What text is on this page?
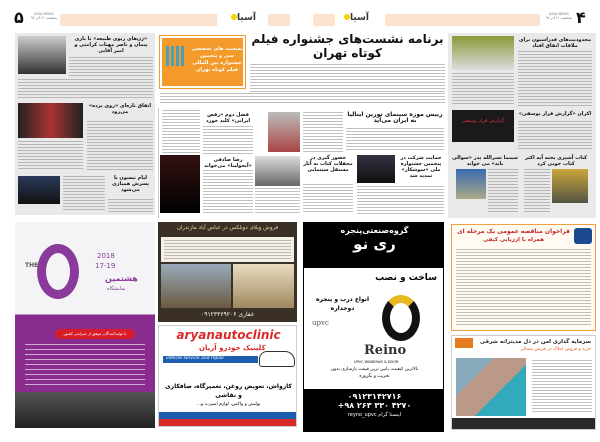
آسیا	آسیا
۵	ASIA NEWS
پنجشنبه ۲۱ آذر ۹۷	۴
ASIA NEWS
پنجشنبه ۲۱ آذر ۹۷
«ژن‌های ریوی طبیعه» با بازی پیمان و ناصر مهتاب کرامتی و امیر آقایی
اتفاق تازه‌ای «روی پرده» می‌رود
لیام نیسون با پسرش همبازی می‌شود
نشست های تخصصی سی و پنجمین جشنواره بین المللی فیلم کوتاه تهران
برنامه نشست‌های جشنواره فیلم کوتاه تهران
فصل دوم «رقص ایرانی» کلید خورد
رضا صادقی «آنجولینا» می‌خواند
رییس موزه سینمای تورین ایتالیا به ایران می‌آید
حضور گیری در محفلات کتاب به آثار مستقل سینمایی
حمایت شرکت در پنجمین جشنواره ملی «سوشکار» تمدید شد
محدودیت‌های فدراسیون برای ملاقات اتفاق افتاد
گزارش فرار یوسفی
اکران «گزارش فرار یوسفی»
کتاب آشپزی پخته آیه اکثر کتاب خوبی کرد
سینما نسرالله پدر «سوالی باید» می خواند
THE
2018
17-19
هشتمین
نمایشگاه
با تولیدکنندگان موفق از سراسر کشور
فروش ویلای دوبلکس در عباس آباد مازندران
۰۹۱۲۳۳۶۹۲۰۶ غفاری
aryanautoclinic
کلینیک خودرو آریان
vehicle service and repair
کارواش، تعویض روغن، تعمیرگاه، صافکاری و نقاشی
پولیش و واکس، لوازم اسپرت و...
گروه‌صنعتی‌پنجره
ری نو
ساخت و نصب
انواع درب و پنجره دوجداره
upvc
Reino
UPVC WINDOWS & DOOR
بالاترین کیفیت، پایین ترین قیمت بازسازی بدون تخریب و بگروزه
۰۹۱۲۳۱۴۲۷۱۶
+۹۸ ۲۶۳ ۳۳۰ ۴۲۷۰
اینستا گرام reyno_upvc
فراخوان مناقصه عمومی یک مرحله ای
همراه با ارزیابی کیفی
سرمایه گذاری امن در دل مدیترانه شرقی
خرید و فروش املاک در قبرس شمالی
